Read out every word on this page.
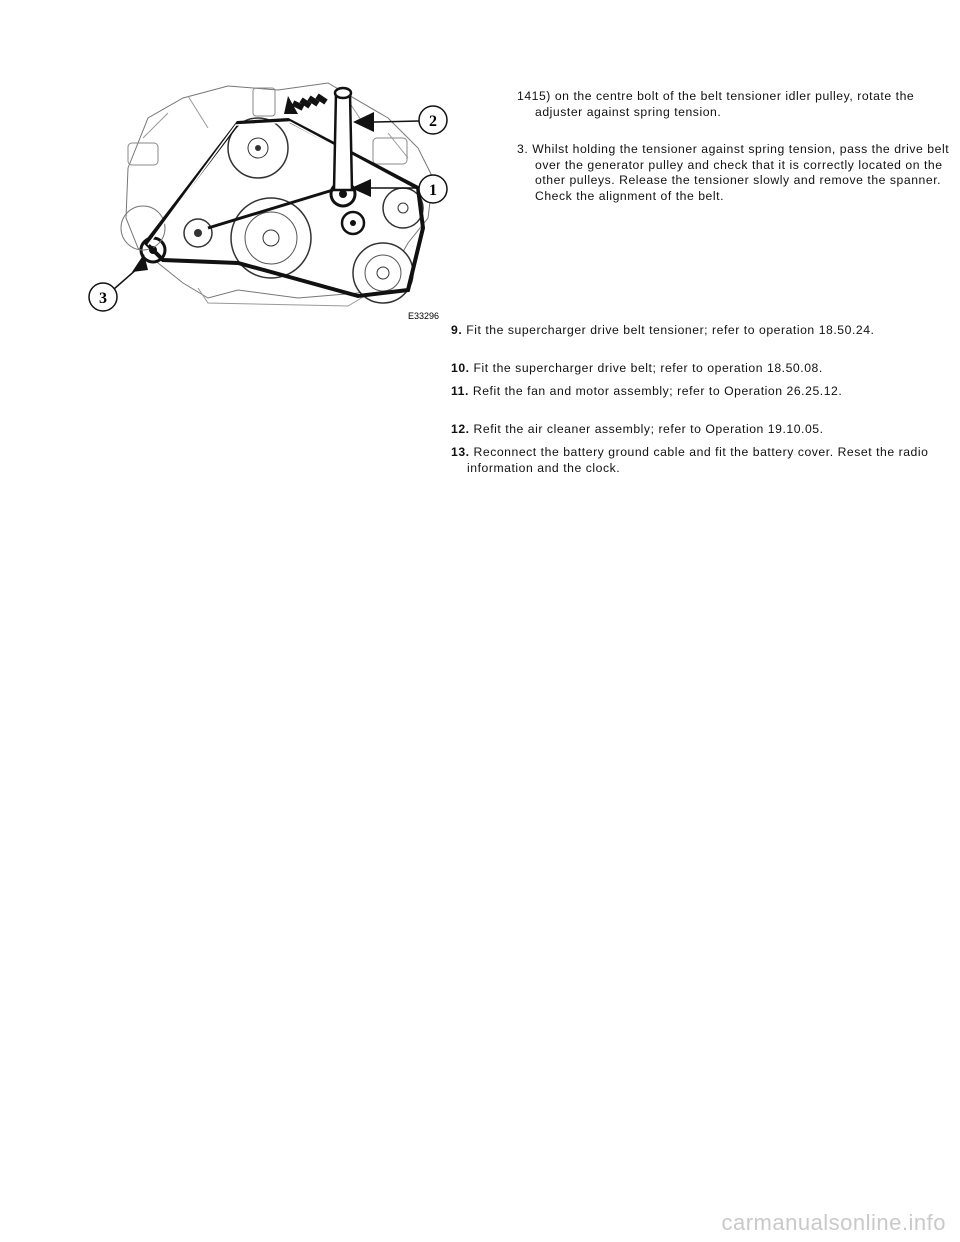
1
2
3
E33296
1415) on the centre bolt of the belt tensioner idler pulley, rotate the adjuster against spring tension.
3. Whilst holding the tensioner against spring tension, pass the drive belt over the generator pulley and check that it is correctly located on the other pulleys. Release the tensioner slowly and remove the spanner. Check the alignment of the belt.
9. Fit the supercharger drive belt tensioner; refer to operation 18.50.24.
10. Fit the supercharger drive belt; refer to operation 18.50.08.
11. Refit the fan and motor assembly; refer to Operation 26.25.12.
12. Refit the air cleaner assembly; refer to Operation 19.10.05.
13. Reconnect the battery ground cable and fit the battery cover. Reset the radio information and the clock.
carmanualsonline.info
